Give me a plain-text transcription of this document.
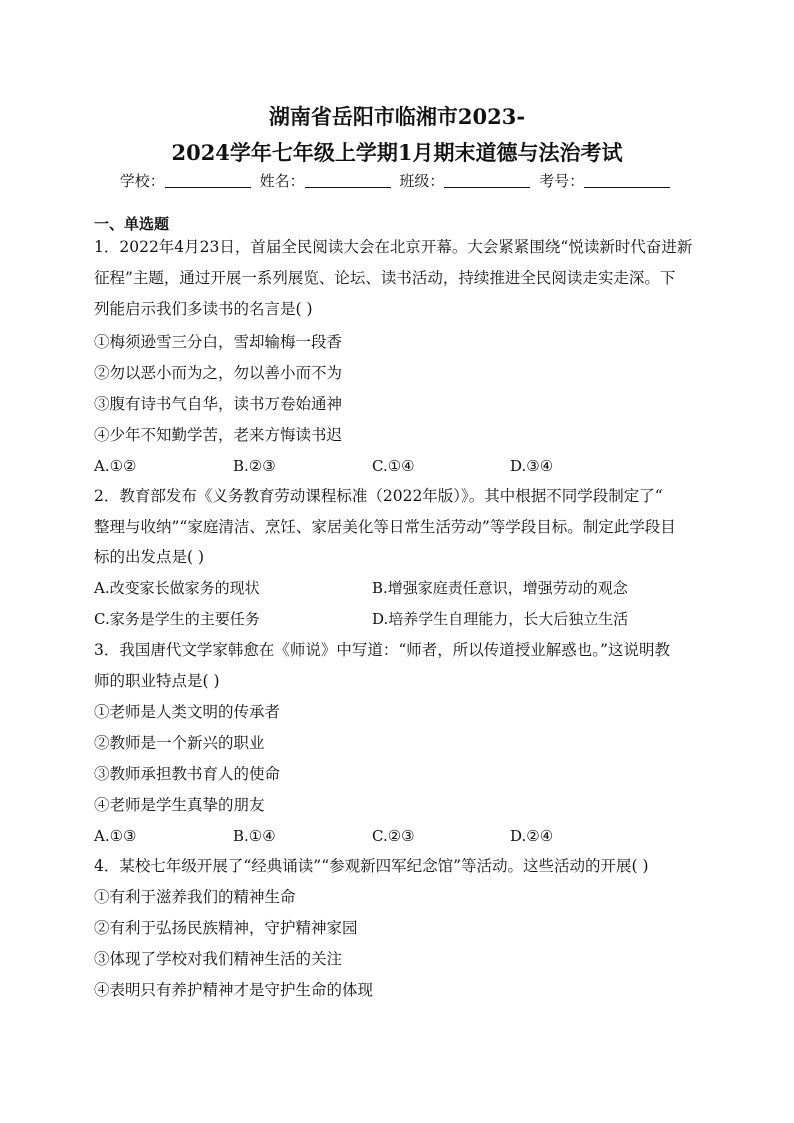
湖南省岳阳市临湘市2023-
2024学年七年级上学期1月期末道德与法治考试
学校：	姓名：	班级：	考号：
一、单选题
1．2022年4月23日，首届全民阅读大会在北京开幕。大会紧紧围绕“悦读新时代奋进新
征程”主题，通过开展一系列展览、论坛、读书活动，持续推进全民阅读走实走深。下
列能启示我们多读书的名言是( )
①梅须逊雪三分白，雪却输梅一段香
②勿以恶小而为之，勿以善小而不为
③腹有诗书气自华，读书万卷始通神
④少年不知勤学苦，老来方悔读书迟
A.①②	B.②③	C.①④	D.③④
2．教育部发布《义务教育劳动课程标准（2022年版）》。其中根据不同学段制定了“
整理与收纳”“家庭清洁、烹饪、家居美化等日常生活劳动”等学段目标。制定此学段目
标的出发点是( )
A.改变家长做家务的现状	B.增强家庭责任意识，增强劳动的观念
C.家务是学生的主要任务	D.培养学生自理能力，长大后独立生活
3．我国唐代文学家韩愈在《师说》中写道：“师者，所以传道授业解惑也。”这说明教
师的职业特点是( )
①老师是人类文明的传承者
②教师是一个新兴的职业
③教师承担教书育人的使命
④老师是学生真挚的朋友
A.①③	B.①④	C.②③	D.②④
4．某校七年级开展了“经典诵读”“参观新四军纪念馆”等活动。这些活动的开展( )
①有利于滋养我们的精神生命
②有利于弘扬民族精神，守护精神家园
③体现了学校对我们精神生活的关注
④表明只有养护精神才是守护生命的体现
